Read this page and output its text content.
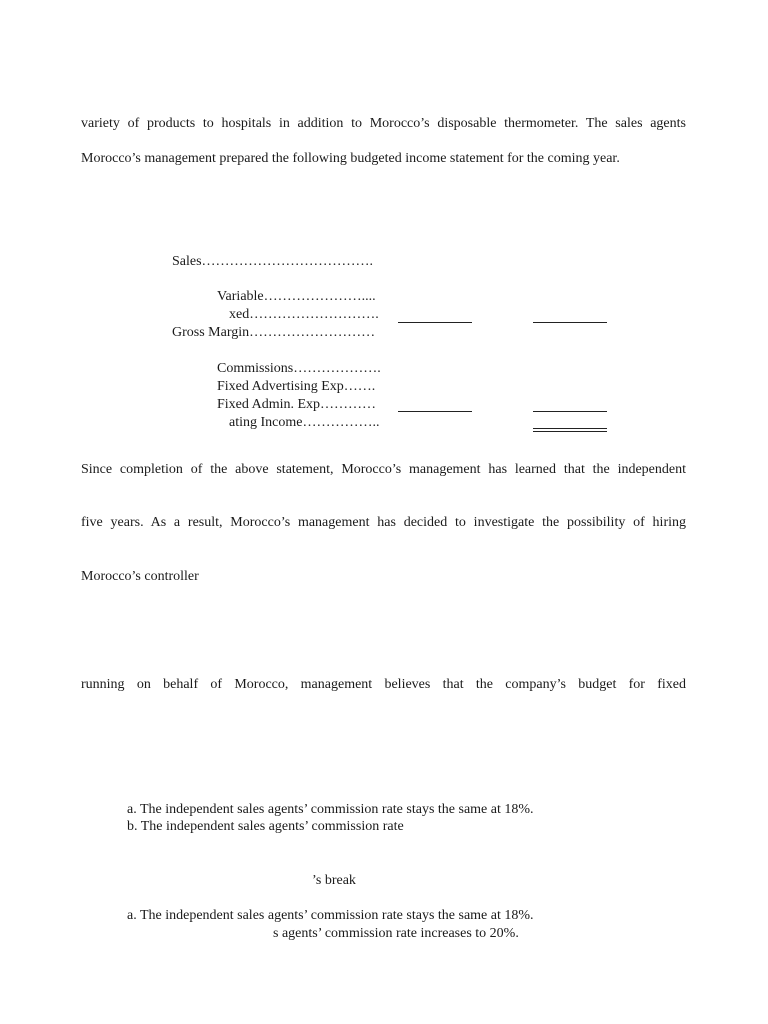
variety of products to hospitals in addition to Morocco’s disposable thermometer. The sales agents
Morocco’s management prepared the following budgeted income statement for the coming year.
Sales……………………………….
Variable…………………....
xed……………………….
Gross Margin………………………
Commissions……………….
Fixed Advertising Exp…….
Fixed Admin. Exp…………
ating Income……………..
Since completion of the above statement, Morocco’s management has learned that the independent
five years. As a result, Morocco’s management has decided to investigate the possibility of hiring
Morocco’s controller
running on behalf of Morocco, management believes that the company’s budget for fixed
a. The independent sales agents’ commission rate stays the same at 18%.
b. The independent sales agents’ commission rate
’s break
a. The independent sales agents’ commission rate stays the same at 18%.
s agents’ commission rate increases to 20%.
